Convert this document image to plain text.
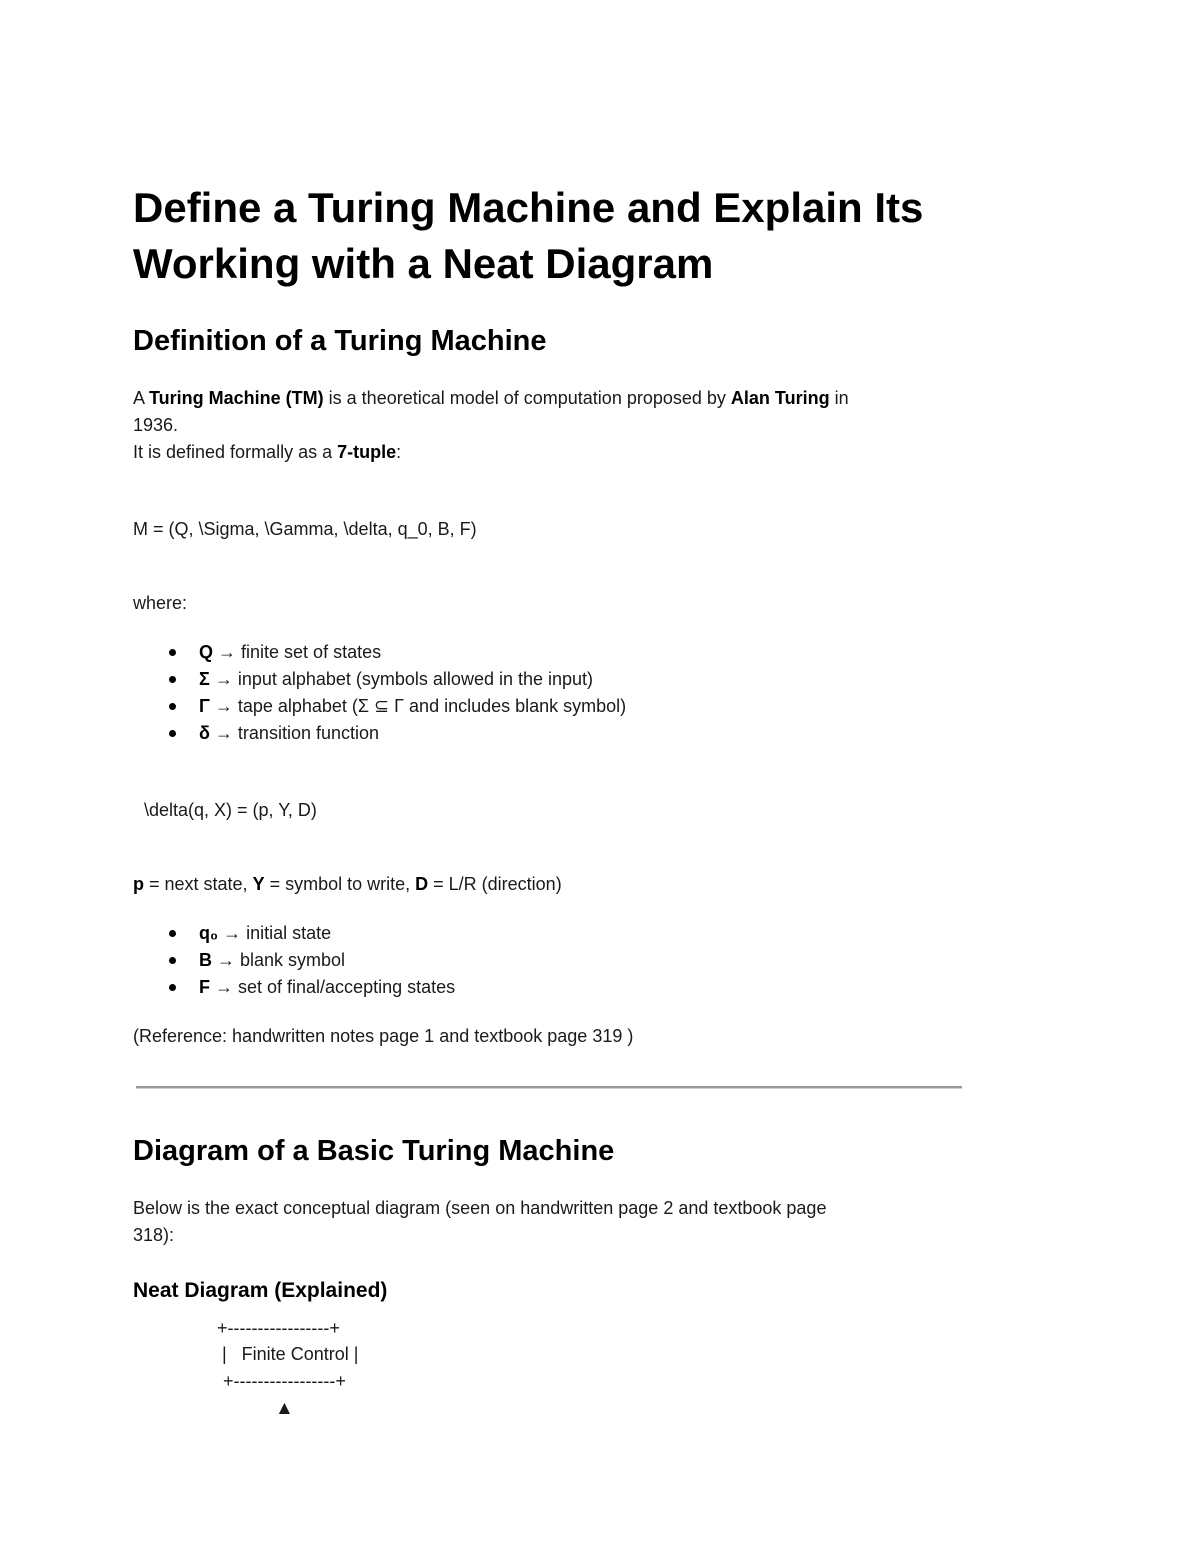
Define a Turing Machine and Explain Its Working with a Neat Diagram
Definition of a Turing Machine
A Turing Machine (TM) is a theoretical model of computation proposed by Alan Turing in
1936.
It is defined formally as a 7-tuple:
M = (Q, \Sigma, \Gamma, \delta, q_0, B, F)
where:
Q → finite set of states
Σ → input alphabet (symbols allowed in the input)
Γ → tape alphabet (Σ ⊆ Γ and includes blank symbol)
δ → transition function
\delta(q, X) = (p, Y, D)
p = next state, Y = symbol to write, D = L/R (direction)
q₀ → initial state
B → blank symbol
F → set of final/accepting states
(Reference: handwritten notes page 1 and textbook page 319 )
Diagram of a Basic Turing Machine
Below is the exact conceptual diagram (seen on handwritten page 2 and textbook page
318):
Neat Diagram (Explained)
+-----------------+
|   Finite Control |
+-----------------+
▲
